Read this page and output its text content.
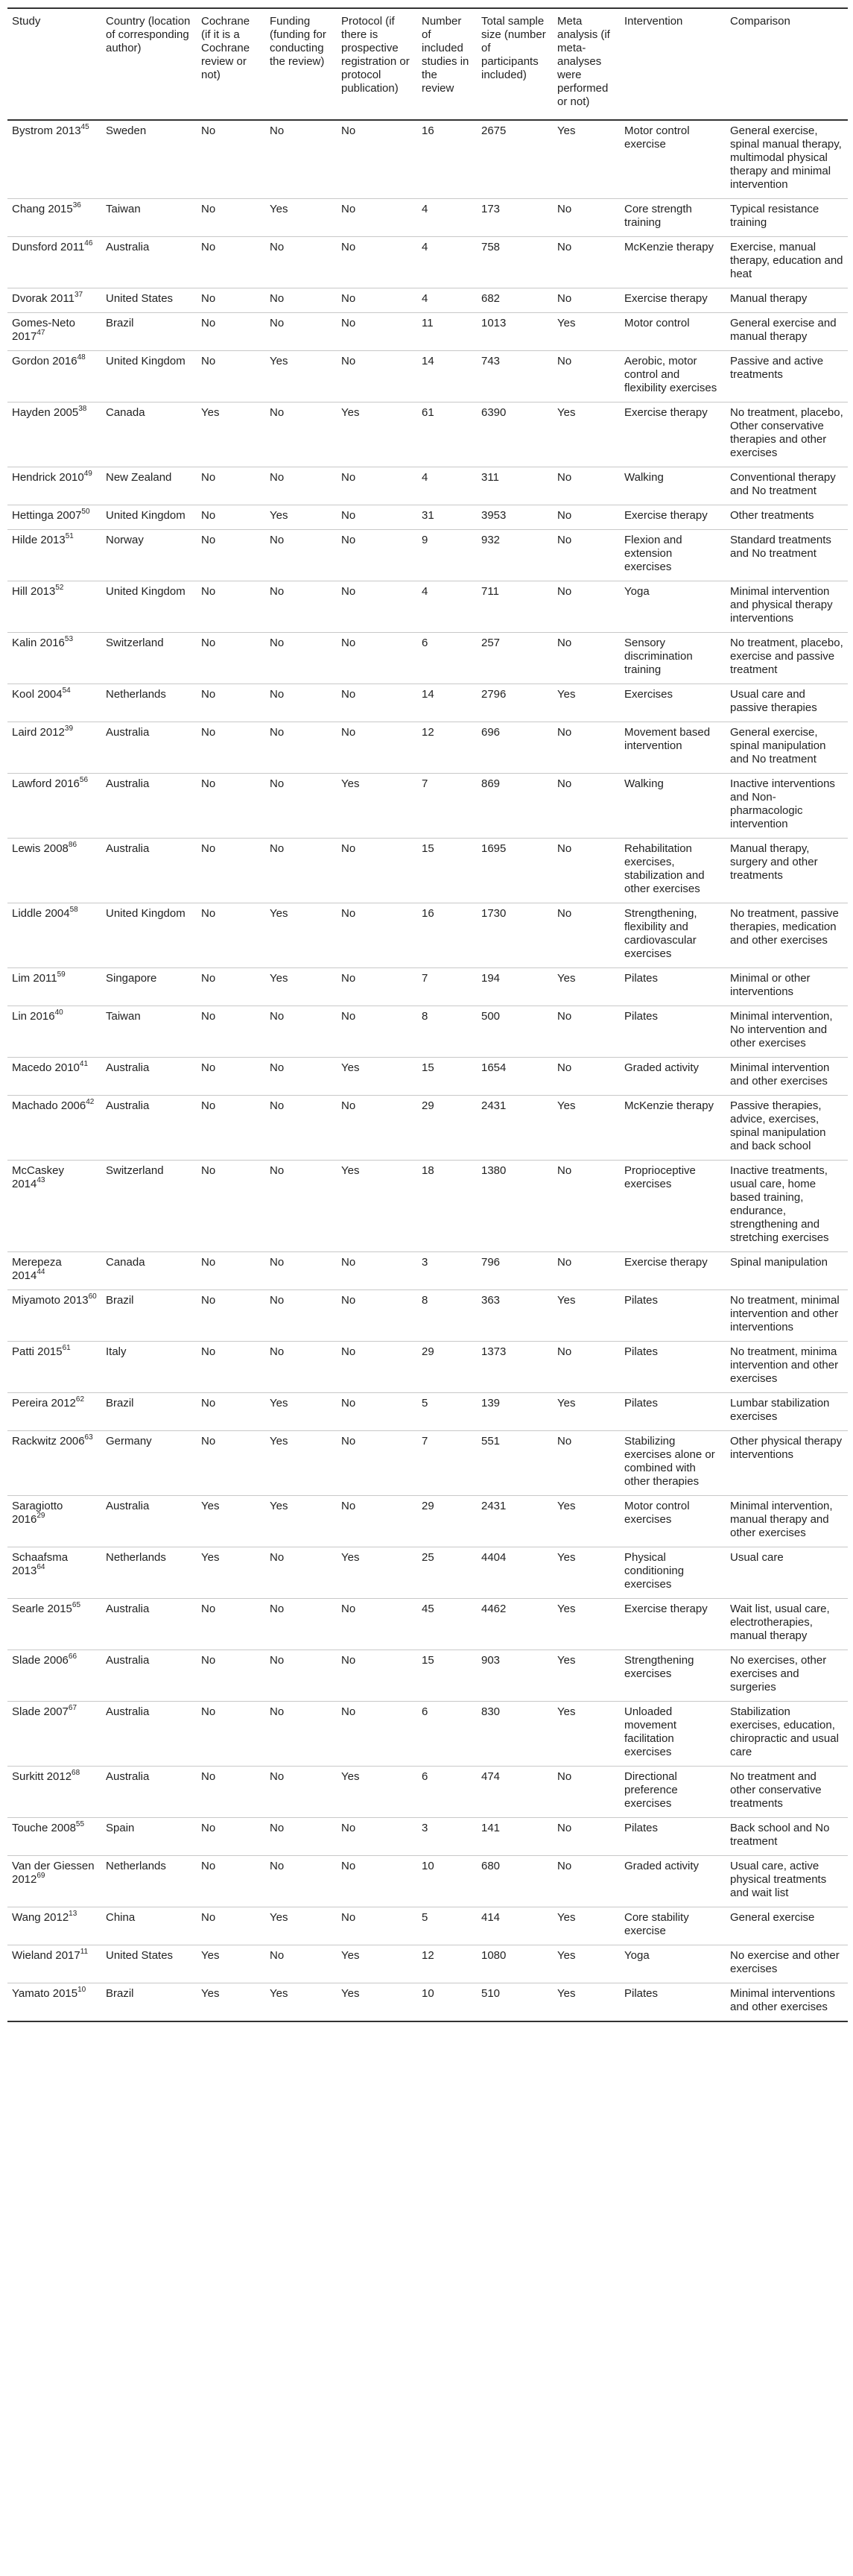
Study	Country (location of corresponding author)	Cochrane (if it is a Cochrane review or not)	Funding (funding for conducting the review)	Protocol (if there is prospective registration or protocol publication)	Number of included studies in the review	Total sample size (number of participants included)	Meta analysis (if meta-analyses were performed or not)	Intervention	Comparison
Bystrom 2013$^{45}$	Sweden	No	No	No	16	2675	Yes	Motor control exercise	General exercise, spinal manual therapy, multimodal physical therapy and minimal intervention
Chang 2015$^{36}$	Taiwan	No	Yes	No	4	173	No	Core strength training	Typical resistance training
Dunsford 2011$^{46}$	Australia	No	No	No	4	758	No	McKenzie therapy	Exercise, manual therapy, education and heat
Dvorak 2011$^{37}$	United States	No	No	No	4	682	No	Exercise therapy	Manual therapy
Gomes-Neto 2017$^{47}$	Brazil	No	No	No	11	1013	Yes	Motor control	General exercise and manual therapy
Gordon 2016$^{48}$	United Kingdom	No	Yes	No	14	743	No	Aerobic, motor control and flexibility exercises	Passive and active treatments
Hayden 2005$^{38}$	Canada	Yes	No	Yes	61	6390	Yes	Exercise therapy	No treatment, placebo, Other conservative therapies and other exercises
Hendrick 2010$^{49}$	New Zealand	No	No	No	4	311	No	Walking	Conventional therapy and No treatment
Hettinga 2007$^{50}$	United Kingdom	No	Yes	No	31	3953	No	Exercise therapy	Other treatments
Hilde 2013$^{51}$	Norway	No	No	No	9	932	No	Flexion and extension exercises	Standard treatments and No treatment
Hill 2013$^{52}$	United Kingdom	No	No	No	4	711	No	Yoga	Minimal intervention and physical therapy interventions
Kalin 2016$^{53}$	Switzerland	No	No	No	6	257	No	Sensory discrimination training	No treatment, placebo, exercise and passive treatment
Kool 2004$^{54}$	Netherlands	No	No	No	14	2796	Yes	Exercises	Usual care and passive therapies
Laird 2012$^{39}$	Australia	No	No	No	12	696	No	Movement based intervention	General exercise, spinal manipulation and No treatment
Lawford 2016$^{56}$	Australia	No	No	Yes	7	869	No	Walking	Inactive interventions and Non-pharmacologic intervention
Lewis 2008$^{86}$	Australia	No	No	No	15	1695	No	Rehabilitation exercises, stabilization and other exercises	Manual therapy, surgery and other treatments
Liddle 2004$^{58}$	United Kingdom	No	Yes	No	16	1730	No	Strengthening, flexibility and cardiovascular exercises	No treatment, passive therapies, medication and other exercises
Lim 2011$^{59}$	Singapore	No	Yes	No	7	194	Yes	Pilates	Minimal or other interventions
Lin 2016$^{40}$	Taiwan	No	No	No	8	500	No	Pilates	Minimal intervention, No intervention and other exercises
Macedo 2010$^{41}$	Australia	No	No	Yes	15	1654	No	Graded activity	Minimal intervention and other exercises
Machado 2006$^{42}$	Australia	No	No	No	29	2431	Yes	McKenzie therapy	Passive therapies, advice, exercises, spinal manipulation and back school
McCaskey 2014$^{43}$	Switzerland	No	No	Yes	18	1380	No	Proprioceptive exercises	Inactive treatments, usual care, home based training, endurance, strengthening and stretching exercises
Merepeza 2014$^{44}$	Canada	No	No	No	3	796	No	Exercise therapy	Spinal manipulation
Miyamoto 2013$^{60}$	Brazil	No	No	No	8	363	Yes	Pilates	No treatment, minimal intervention and other interventions
Patti 2015$^{61}$	Italy	No	No	No	29	1373	No	Pilates	No treatment, minima intervention and other exercises
Pereira 2012$^{62}$	Brazil	No	Yes	No	5	139	Yes	Pilates	Lumbar stabilization exercises
Rackwitz 2006$^{63}$	Germany	No	Yes	No	7	551	No	Stabilizing exercises alone or combined with other therapies	Other physical therapy interventions
Saragiotto 2016$^{29}$	Australia	Yes	Yes	No	29	2431	Yes	Motor control exercises	Minimal intervention, manual therapy and other exercises
Schaafsma 2013$^{64}$	Netherlands	Yes	No	Yes	25	4404	Yes	Physical conditioning exercises	Usual care
Searle 2015$^{65}$	Australia	No	No	No	45	4462	Yes	Exercise therapy	Wait list, usual care, electrotherapies, manual therapy
Slade 2006$^{66}$	Australia	No	No	No	15	903	Yes	Strengthening exercises	No exercises, other exercises and surgeries
Slade 2007$^{67}$	Australia	No	No	No	6	830	Yes	Unloaded movement facilitation exercises	Stabilization exercises, education, chiropractic and usual care
Surkitt 2012$^{68}$	Australia	No	No	Yes	6	474	No	Directional preference exercises	No treatment and other conservative treatments
Touche 2008$^{55}$	Spain	No	No	No	3	141	No	Pilates	Back school and No treatment
Van der Giessen 2012$^{69}$	Netherlands	No	No	No	10	680	No	Graded activity	Usual care, active physical treatments and wait list
Wang 2012$^{13}$	China	No	Yes	No	5	414	Yes	Core stability exercise	General exercise
Wieland 2017$^{11}$	United States	Yes	No	Yes	12	1080	Yes	Yoga	No exercise and other exercises
Yamato 2015$^{10}$	Brazil	Yes	Yes	Yes	10	510	Yes	Pilates	Minimal interventions and other exercises
